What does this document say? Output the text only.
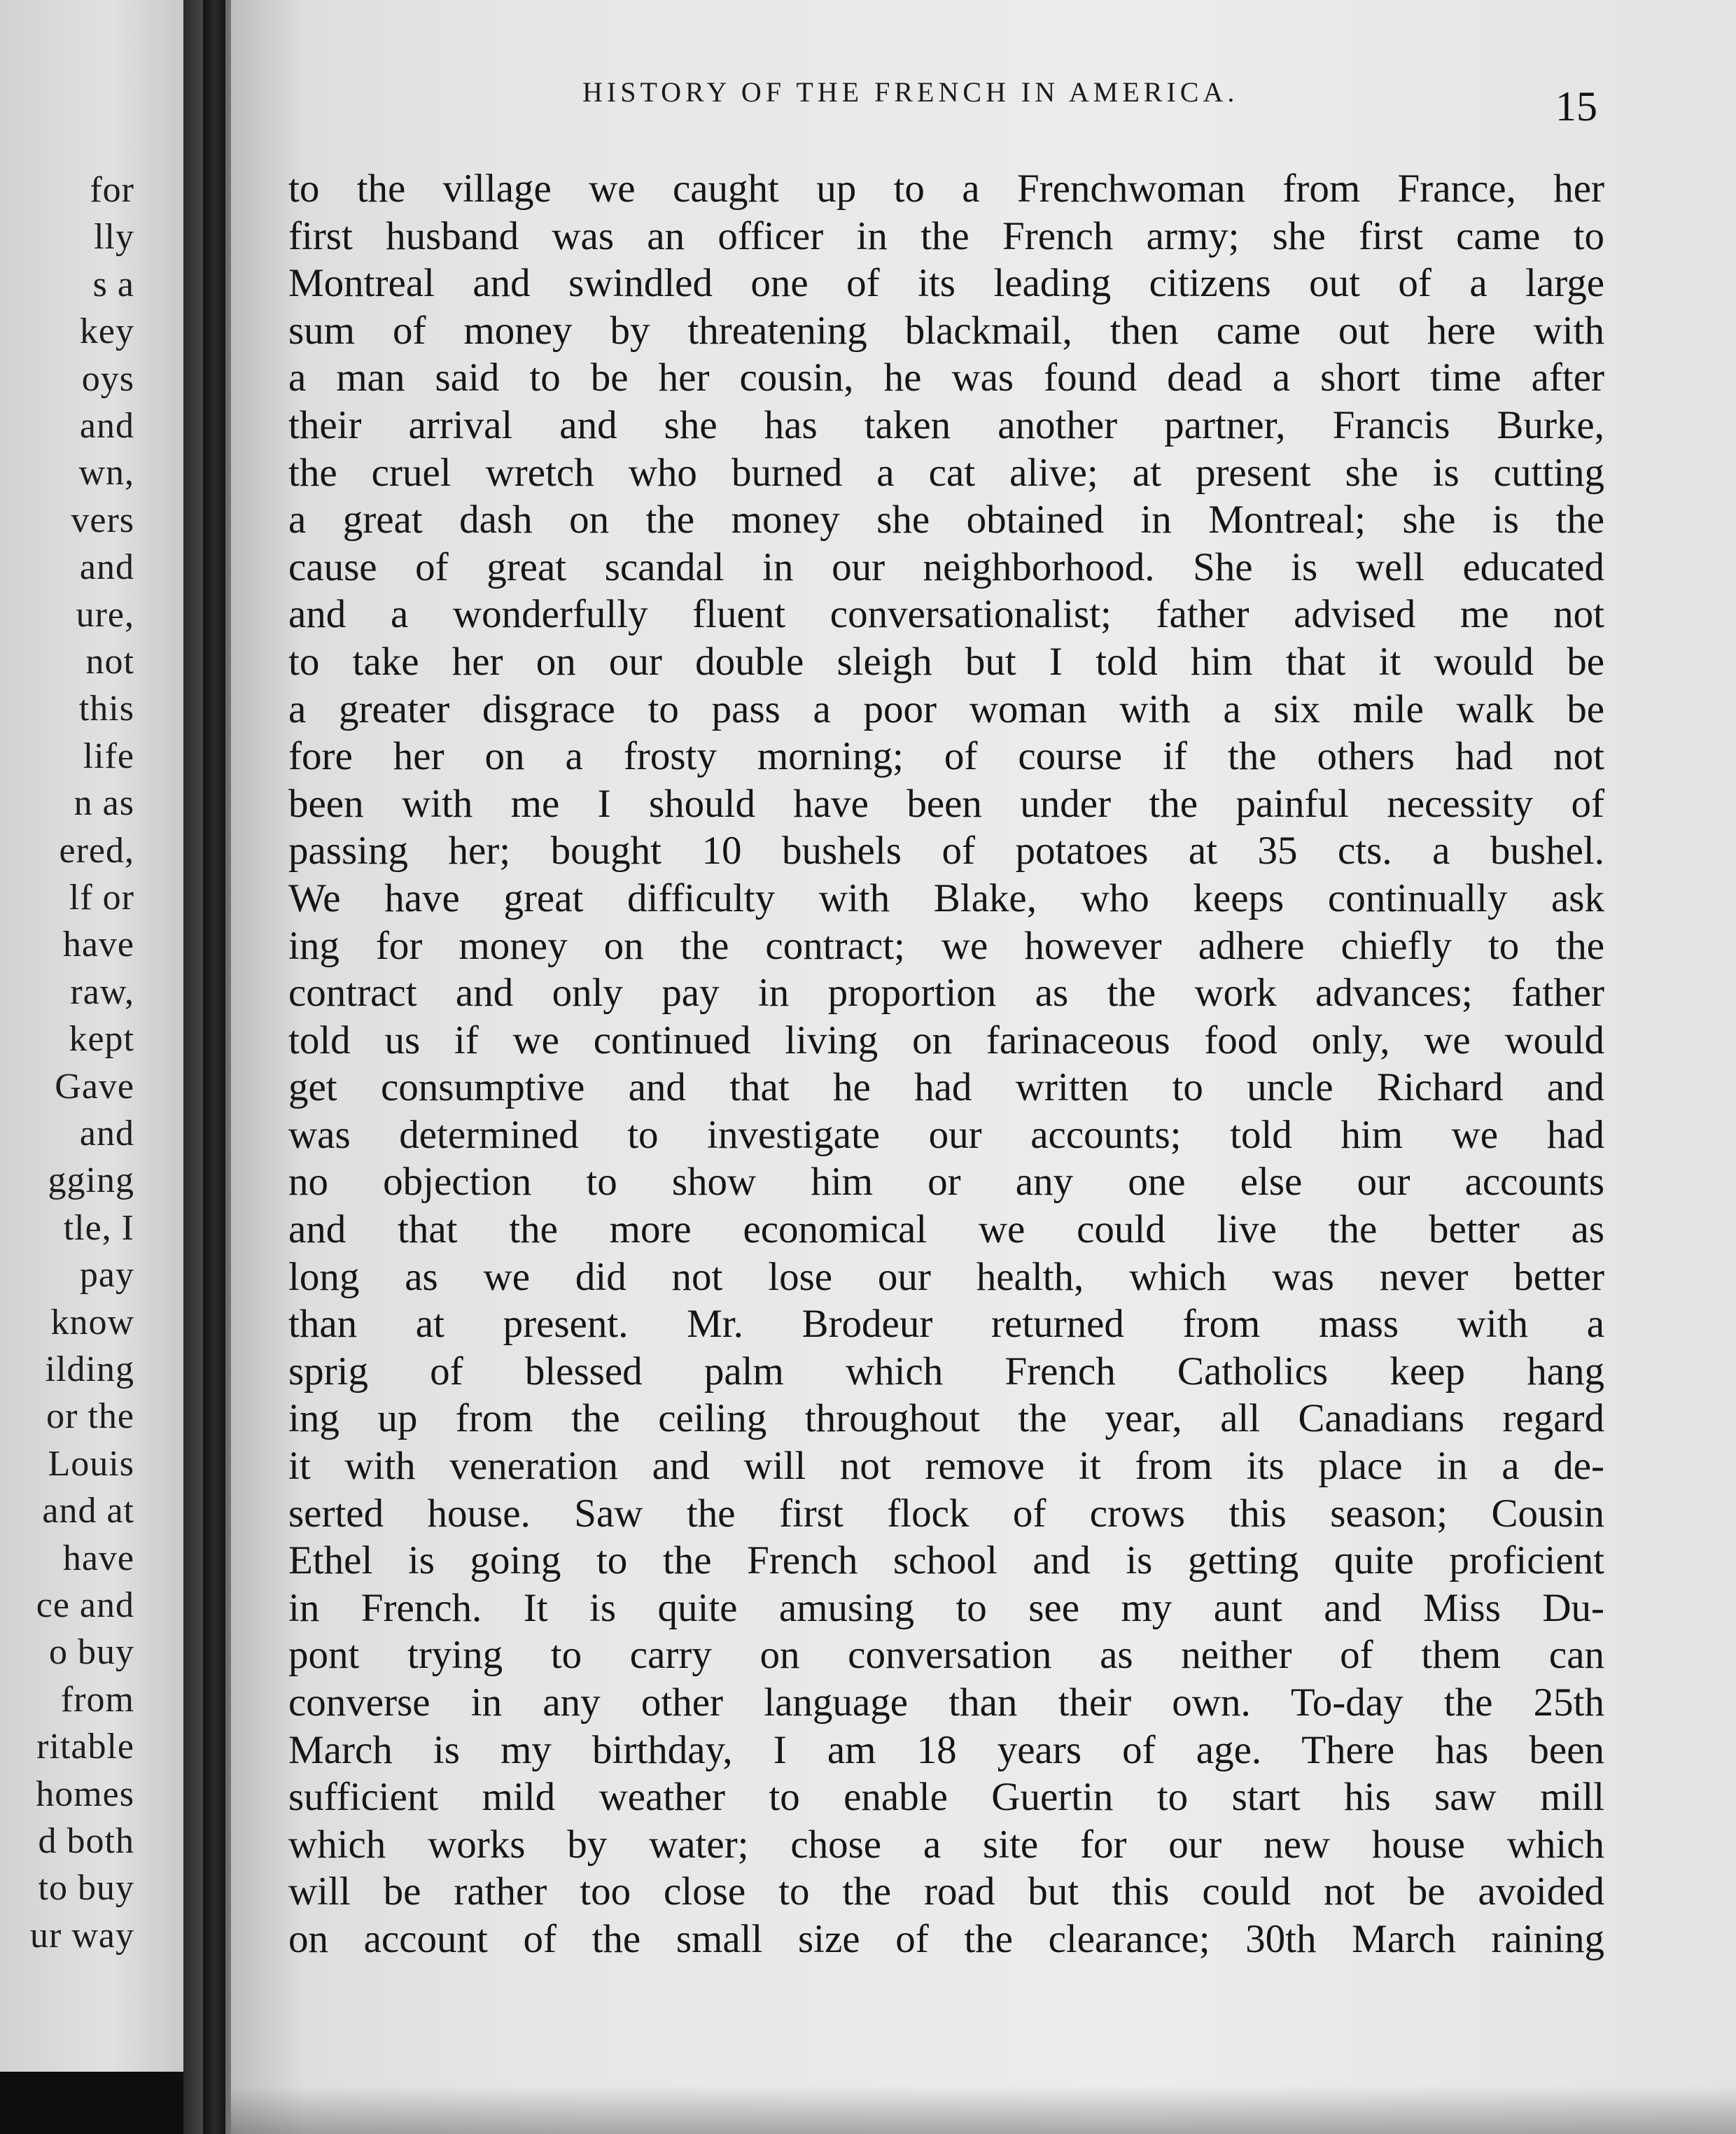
for
lly
s a
key
oys
and
wn,
vers
and
ure,
not
this
life
n as
ered,
lf or
have
raw,
kept
Gave
and
gging
tle, I
pay
know
ilding
or the
Louis
and at
have
ce and
o buy
from
ritable
homes
d both
to buy
ur way
HISTORY OF THE FRENCH IN AMERICA.	15
to the village we caught up to a Frenchwoman from France, her
first husband was an officer in the French army; she first came to
Montreal and swindled one of its leading citizens out of a large
sum of money by threatening blackmail, then came out here with
a man said to be her cousin, he was found dead a short time after
their arrival and she has taken another partner, Francis Burke,
the cruel wretch who burned a cat alive; at present she is cutting
a great dash on the money she obtained in Montreal; she is the
cause of great scandal in our neighborhood. She is well educated
and a wonderfully fluent conversationalist; father advised me not
to take her on our double sleigh but I told him that it would be
a greater disgrace to pass a poor woman with a six mile walk be
fore her on a frosty morning; of course if the others had not
been with me I should have been under the painful necessity of
passing her; bought 10 bushels of potatoes at 35 cts. a bushel.
We have great difficulty with Blake, who keeps continually ask
ing for money on the contract; we however adhere chiefly to the
contract and only pay in proportion as the work advances; father
told us if we continued living on farinaceous food only, we would
get consumptive and that he had written to uncle Richard and
was determined to investigate our accounts; told him we had
no objection to show him or any one else our accounts
and that the more economical we could live the better as
long as we did not lose our health, which was never better
than at present. Mr. Brodeur returned from mass with a
sprig of blessed palm which French Catholics keep hang
ing up from the ceiling throughout the year, all Canadians regard
it with veneration and will not remove it from its place in a de-
serted house. Saw the first flock of crows this season; Cousin
Ethel is going to the French school and is getting quite proficient
in French. It is quite amusing to see my aunt and Miss Du-
pont trying to carry on conversation as neither of them can
converse in any other language than their own. To-day the 25th
March is my birthday, I am 18 years of age. There has been
sufficient mild weather to enable Guertin to start his saw mill
which works by water; chose a site for our new house which
will be rather too close to the road but this could not be avoided
on account of the small size of the clearance; 30th March raining
